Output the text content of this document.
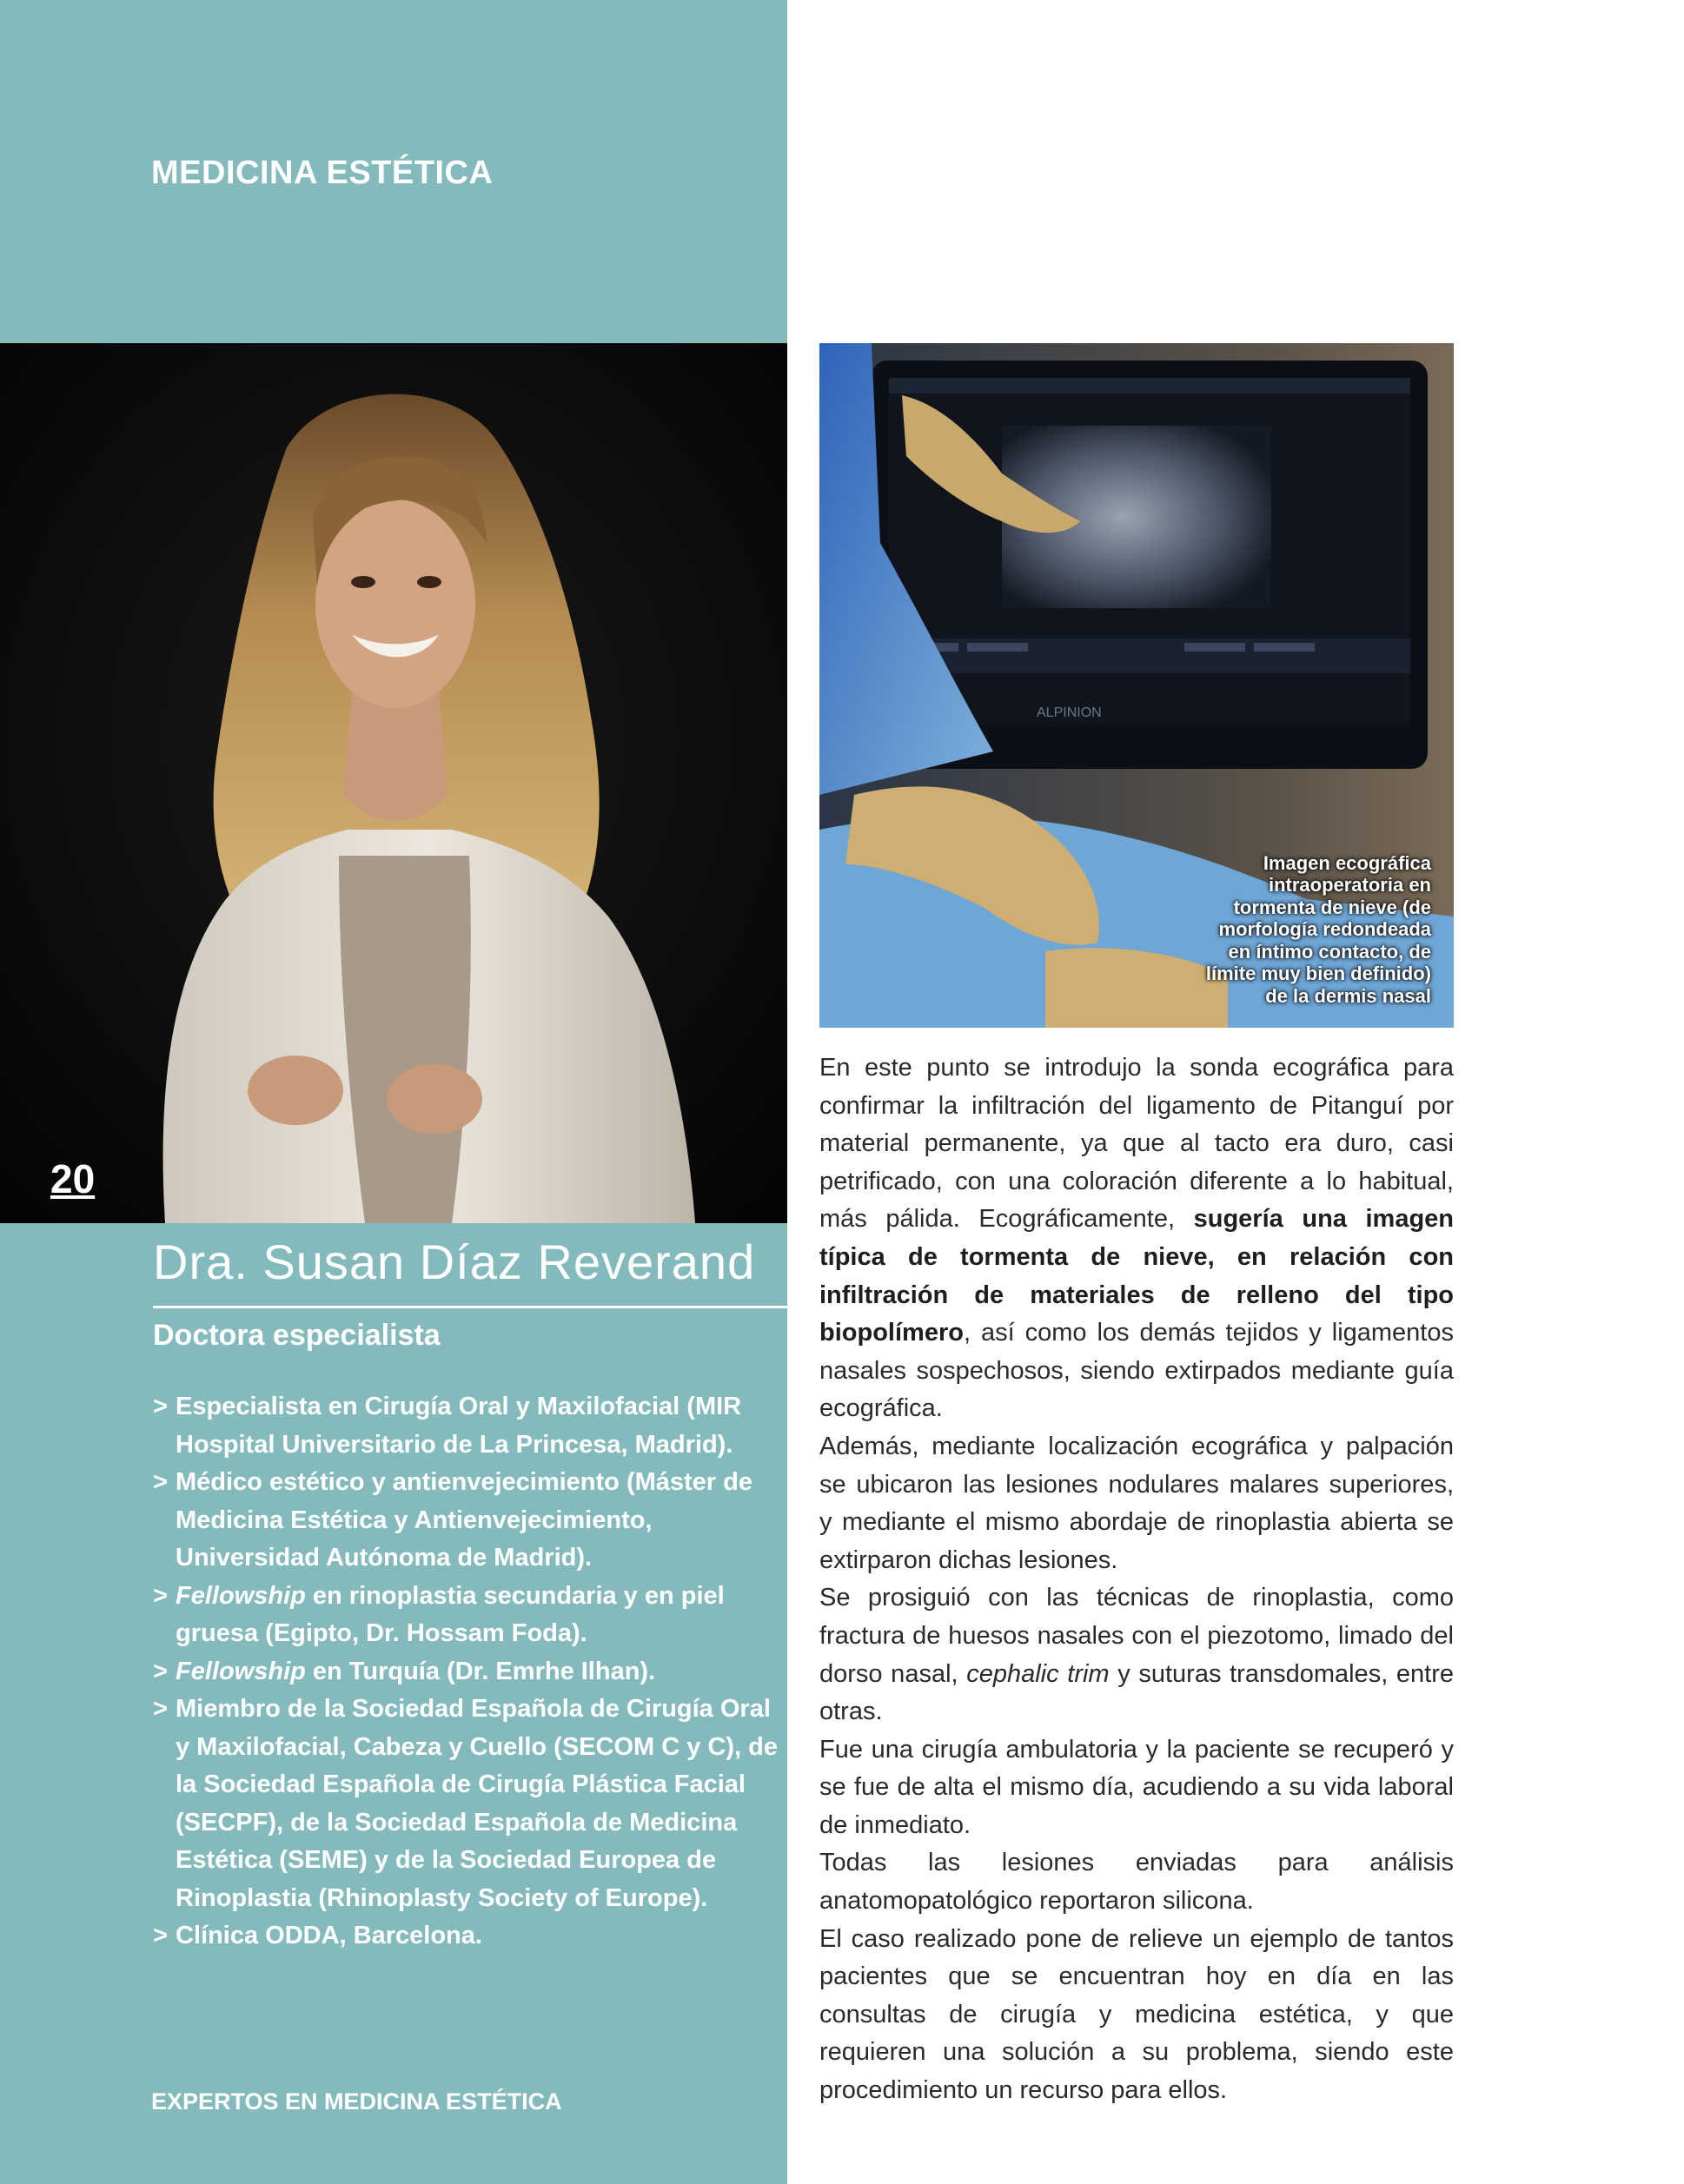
MEDICINA ESTÉTICA
20
Dra. Susan Díaz Reverand
Doctora especialista
> Especialista en Cirugía Oral y Maxilofacial (MIR Hospital Universitario de La Princesa, Madrid).
> Médico estético y antienvejecimiento (Máster de Medicina Estética y Antienvejecimiento, Universidad Autónoma de Madrid).
> Fellowship en rinoplastia secundaria y en piel gruesa (Egipto, Dr. Hossam Foda).
> Fellowship en Turquía (Dr. Emrhe Ilhan).
> Miembro de la Sociedad Española de Cirugía Oral y Maxilofacial, Cabeza y Cuello (SECOM C y C), de la Sociedad Española de Cirugía Plástica Facial (SECPF), de la Sociedad Española de Medicina Estética (SEME) y de la Sociedad Europea de Rinoplastia (Rhinoplasty Society of Europe).
> Clínica ODDA, Barcelona.

EXPERTOS EN MEDICINA ESTÉTICA

ALPINION

Imagen ecográfica intraoperatoria en tormenta de nieve (de morfología redondeada en íntimo contacto, de límite muy bien definido) de la dermis nasal

En este punto se introdujo la sonda ecográfica para confirmar la infiltración del ligamento de Pitanguí por material permanente, ya que al tacto era duro, casi petrificado, con una coloración diferente a lo habitual, más pálida. Ecográficamente, sugería una imagen típica de tormenta de nieve, en relación con infiltración de materiales de relleno del tipo biopolímero, así como los demás tejidos y ligamentos nasales sospechosos, siendo extirpados mediante guía ecográfica.

Además, mediante localización ecográfica y palpación se ubicaron las lesiones nodulares malares superiores, y mediante el mismo abordaje de rinoplastia abierta se extirparon dichas lesiones.

Se prosiguió con las técnicas de rinoplastia, como fractura de huesos nasales con el piezotomo, limado del dorso nasal, cephalic trim y suturas transdomales, entre otras.

Fue una cirugía ambulatoria y la paciente se recuperó y se fue de alta el mismo día, acudiendo a su vida laboral de inmediato.

Todas las lesiones enviadas para análisis anatomopatológico reportaron silicona.

El caso realizado pone de relieve un ejemplo de tantos pacientes que se encuentran hoy en día en las consultas de cirugía y medicina estética, y que requieren una solución a su problema, siendo este procedimiento un recurso para ellos.
